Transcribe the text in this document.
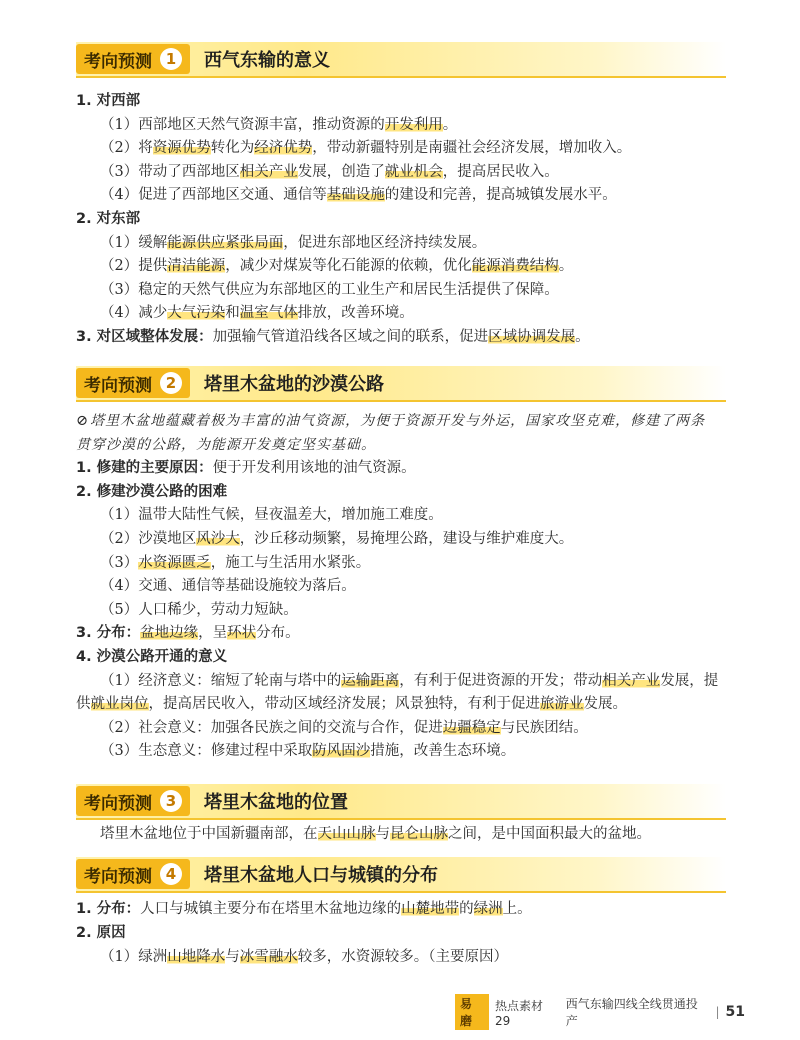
考向预测 1	西气东输的意义
考向预测 2	塔里木盆地的沙漠公路
考向预测 3	塔里木盆地的位置
考向预测 4	塔里木盆地人口与城镇的分布
1. 对西部
（1）西部地区天然气资源丰富，推动资源的开发利用。
（2）将资源优势转化为经济优势，带动新疆特别是南疆社会经济发展，增加收入。
（3）带动了西部地区相关产业发展，创造了就业机会，提高居民收入。
（4）促进了西部地区交通、通信等基础设施的建设和完善，提高城镇发展水平。
2. 对东部
（1）缓解能源供应紧张局面，促进东部地区经济持续发展。
（2）提供清洁能源，减少对煤炭等化石能源的依赖，优化能源消费结构。
（3）稳定的天然气供应为东部地区的工业生产和居民生活提供了保障。
（4）减少大气污染和温室气体排放，改善环境。
3. 对区域整体发展：加强输气管道沿线各区域之间的联系，促进区域协调发展。
⊘ 塔里木盆地蕴藏着极为丰富的油气资源，为便于资源开发与外运，国家攻坚克难，修建了两条
贯穿沙漠的公路，为能源开发奠定坚实基础。
1. 修建的主要原因：便于开发利用该地的油气资源。
2. 修建沙漠公路的困难
（1）温带大陆性气候，昼夜温差大，增加施工难度。
（2）沙漠地区风沙大，沙丘移动频繁，易掩埋公路，建设与维护难度大。
（3）水资源匮乏，施工与生活用水紧张。
（4）交通、通信等基础设施较为落后。
（5）人口稀少，劳动力短缺。
3. 分布：盆地边缘，呈环状分布。
4. 沙漠公路开通的意义
（1）经济意义：缩短了轮南与塔中的运输距离，有利于促进资源的开发；带动相关产业发展，提
供就业岗位，提高居民收入，带动区域经济发展；风景独特，有利于促进旅游业发展。
（2）社会意义：加强各民族之间的交流与合作，促进边疆稳定与民族团结。
（3）生态意义：修建过程中采取防风固沙措施，改善生态环境。
塔里木盆地位于中国新疆南部，在天山山脉与昆仑山脉之间，是中国面积最大的盆地。
1. 分布：人口与城镇主要分布在塔里木盆地边缘的山麓地带的绿洲上。
2. 原因
（1）绿洲山地降水与冰雪融水较多，水资源较多。（主要原因）
易磨
热点素材 29

西气东输四线全线贯通投产
| 51
